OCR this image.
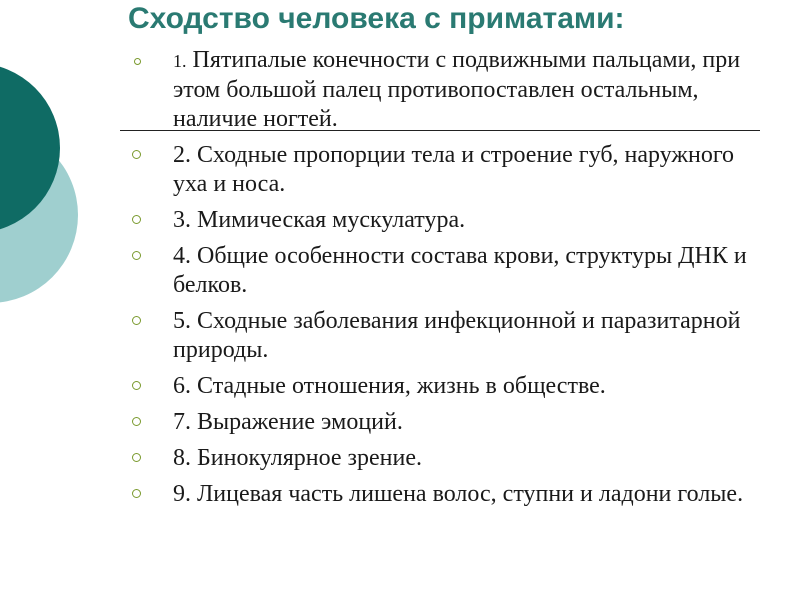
Сходство человека с приматами:
1. Пятипалые конечности с подвижными пальцами, при этом большой палец противопоставлен остальным, наличие ногтей.
2. Сходные пропорции тела и строение губ, наружного уха и носа.
3. Мимическая мускулатура.
4. Общие особенности состава крови, структуры ДНК и белков.
5. Сходные заболевания инфекционной и паразитарной природы.
6. Стадные отношения, жизнь в обществе.
7. Выражение эмоций.
8. Бинокулярное зрение.
9. Лицевая часть лишена волос, ступни и ладони голые.
